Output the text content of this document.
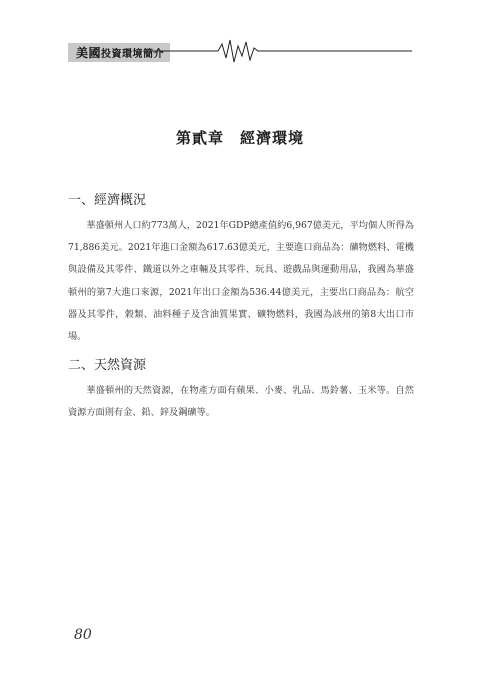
美國投資環境簡介
第貳章　經濟環境
一、經濟概況
華盛頓州人口約773萬人，2021年GDP總產值約6,967億美元，平均個人所得為71,886美元。2021年進口金額為617.63億美元，主要進口商品為：礦物燃料、電機與設備及其零件、鐵道以外之車輛及其零件、玩具、遊戲品與運動用品，我國為華盛頓州的第7大進口來源，2021年出口金額為536.44億美元，主要出口商品為：航空器及其零件，穀類、油料種子及含油質果實、礦物燃料，我國為該州的第8大出口市場。
二、天然資源
華盛頓州的天然資源，在物產方面有蘋果、小麥、乳品、馬鈴薯、玉米等。自然資源方面則有金、鉛、鋅及鋼礦等。
80
